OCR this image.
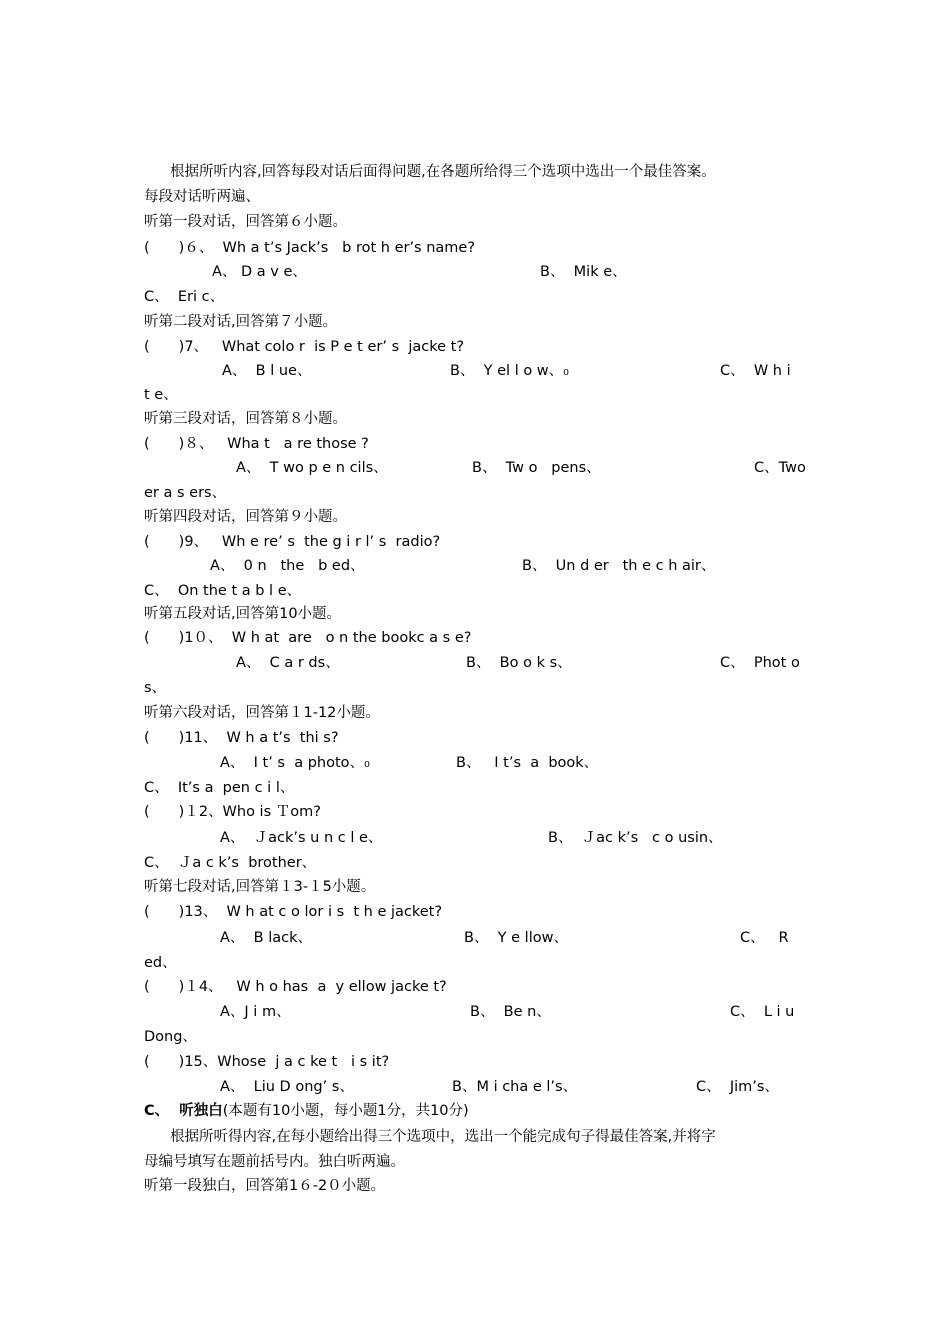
根据所听内容,回答每段对话后面得问题,在各题所给得三个选项中选出一个最佳答案。
每段对话听两遍、
听第一段对话，回答第６小题。
(　　)６、  Wh a t’s Jack’s   b rot h er’s name?
A、 D a v e、	B、  Mik e、
C、  Eri c、
听第二段对话,回答第７小题。
(　　)7、   What colo r  is P e t er’ s  jacke t?
A、  B l ue、	B、  Y el l o w、₀	C、  W h i
t e、
听第三段对话，回答第８小题。
(　　)８、   Wha t   a re those ?
A、  T wo p e n cils、	B、  Tw o   pens、	C、Two
er a s ers、
听第四段对话，回答第９小题。
(　　)9、   Wh e re’ s  the g i r l’ s  radio?
A、  0 n   the   b ed、	B、  Un d er   th e c h air、
C、  On the t a b l e、
听第五段对话,回答第10小题。
(　　)1０、  W h at  are   o n the bookc a s e?
A、  C a r ds、	B、  Bo o k s、	C、  Phot o
s、
听第六段对话，回答第１1-12小题。
(　　)11、  W h a t’s  thi s?
A、  I t’ s  a photo、₀	B、   I t’s  a  book、
C、  It’s a  pen c i l、
(　　)１2、Who is Ｔom?
A、  Ｊack’s u n c l e、	B、  Ｊac k’s   c o usin、
C、  Ｊa c k’s  brother、
听第七段对话,回答第１3-１5小题。
(　　)13、  W h at c o lor i s  t h e jacket?
A、  B lack、	B、  Y e llow、	C、   R
ed、
(　　)１4、   W h o has  a  y ellow jacke t?
A、J i m、	B、  Be n、	C、  L i u
Dong、
(　　)15、Whose  j a c ke t   i s it?
A、  Liu D ong’ s、	B、M i cha e l’s、	C、  Jim’s、
C、  听独白(本题有10小题，每小题1分，共10分)
根据所听得内容,在每小题给出得三个选项中，选出一个能完成句子得最佳答案,并将字
母编号填写在题前括号内。独白听两遍。
听第一段独白，回答第1６-2０小题。
